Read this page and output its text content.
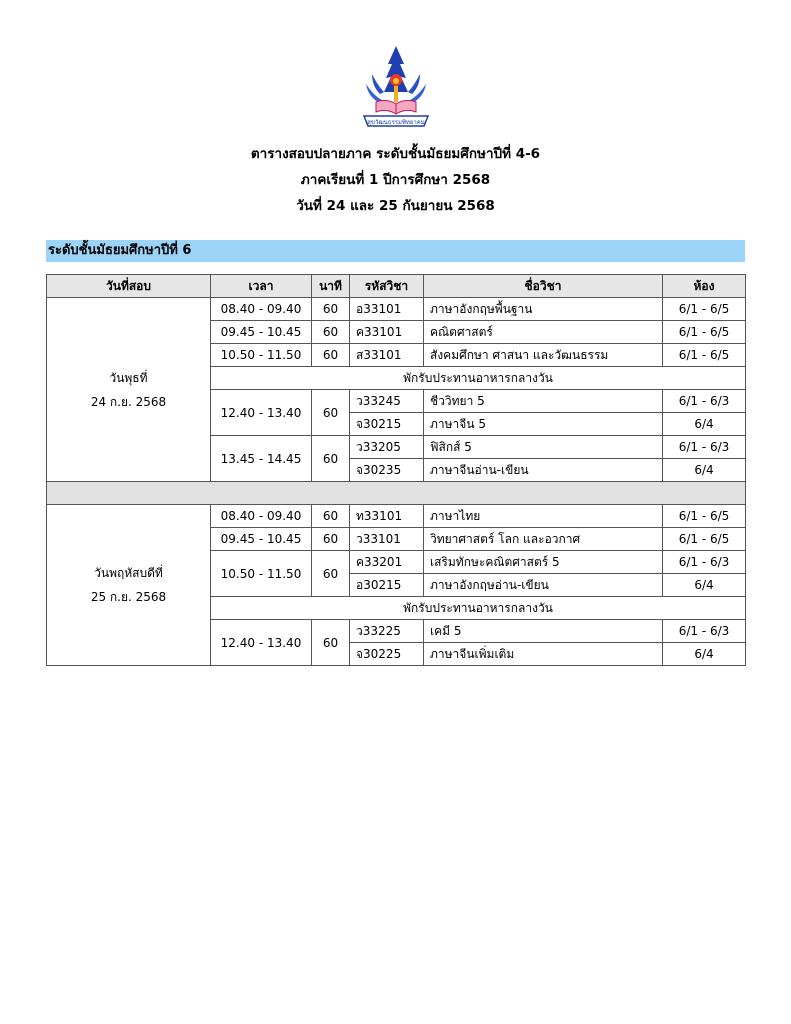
สุขวัฒนธรรมพิทยาคม
ตารางสอบปลายภาค ระดับชั้นมัธยมศึกษาปีที่ 4-6
ภาคเรียนที่ 1 ปีการศึกษา 2568
วันที่ 24 และ 25 กันยายน 2568
ระดับชั้นมัธยมศึกษาปีที่ 6
วันที่สอบ	เวลา	นาที	รหัสวิชา	ชื่อวิชา	ห้อง

วันพุธที่
24 ก.ย. 2568	08.40 - 09.40	60	อ33101	ภาษาอังกฤษพื้นฐาน	6/1 - 6/5
	09.45 - 10.45	60	ค33101	คณิตศาสตร์	6/1 - 6/5
	10.50 - 11.50	60	ส33101	สังคมศึกษา ศาสนา และวัฒนธรรม	6/1 - 6/5
	พักรับประทานอาหารกลางวัน				
	12.40 - 13.40	60	ว33245	ชีววิทยา 5	6/1 - 6/3
			จ30215	ภาษาจีน 5	6/4
	13.45 - 14.45	60	ว33205	ฟิสิกส์ 5	6/1 - 6/3
			จ30235	ภาษาจีนอ่าน-เขียน	6/4

วันพฤหัสบดีที่
25 ก.ย. 2568	08.40 - 09.40	60	ท33101	ภาษาไทย	6/1 - 6/5
	09.45 - 10.45	60	ว33101	วิทยาศาสตร์ โลก และอวกาศ	6/1 - 6/5
	10.50 - 11.50	60	ค33201	เสริมทักษะคณิตศาสตร์ 5	6/1 - 6/3
			อ30215	ภาษาอังกฤษอ่าน-เขียน	6/4
	พักรับประทานอาหารกลางวัน				
	12.40 - 13.40	60	ว33225	เคมี 5	6/1 - 6/3
			จ30225	ภาษาจีนเพิ่มเติม	6/4
